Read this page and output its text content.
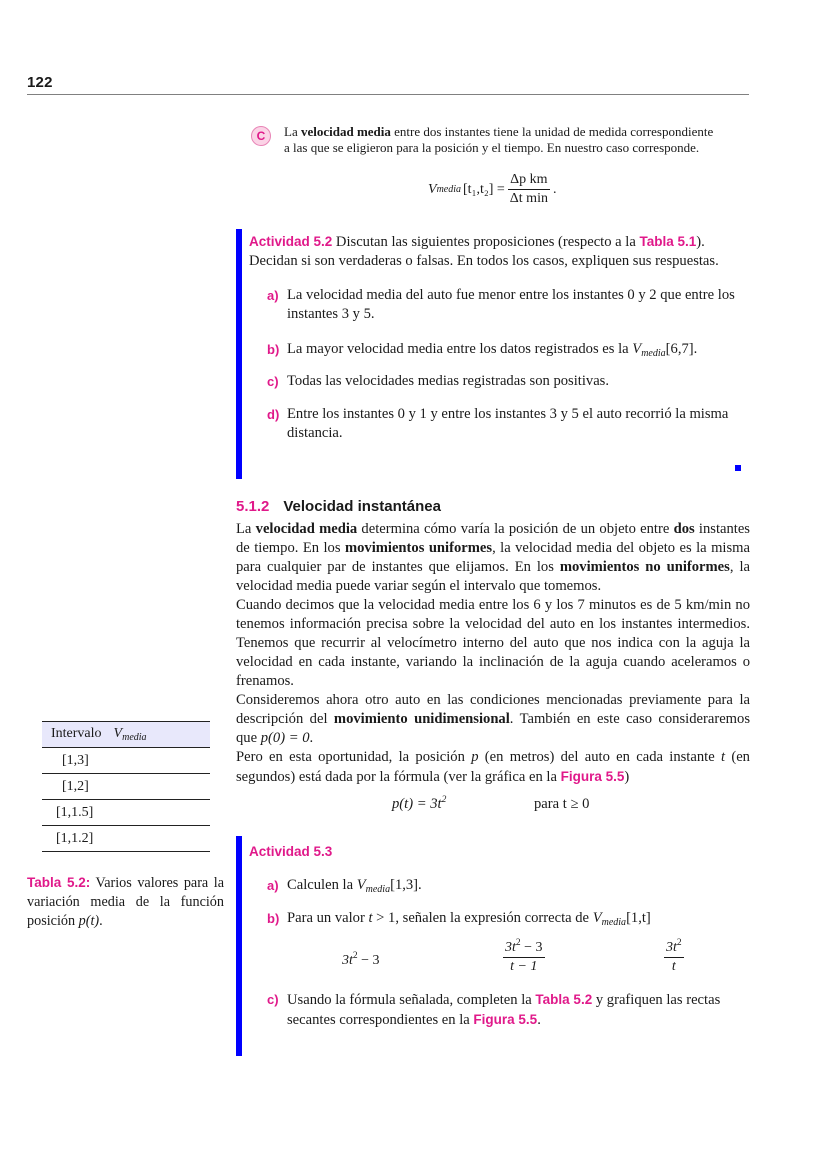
122
C	La velocidad media entre dos instantes tiene la unidad de medida correspondiente
a las que se eligieron para la posición y el tiempo. En nuestro caso corresponde.
V media $[t_1,t_2] = \frac{\text{Δp km}}{\text{Δt min}}$ .
Actividad 5.2 Discutan las siguientes proposiciones (respecto a la Tabla 5.1).
Decidan si son verdaderas o falsas. En todos los casos, expliquen sus respuestas.
a) La velocidad media del auto fue menor entre los instantes 0 y 2 que entre los instantes 3 y 5.
b) La mayor velocidad media entre los datos registrados es la $V_{media}[6,7]$.
c) Todas las velocidades medias registradas son positivas.
d) Entre los instantes 0 y 1 y entre los instantes 3 y 5 el auto recorrió la misma distancia.
5.1.2 Velocidad instantánea
La velocidad media determina cómo varía la posición de un objeto entre dos instantes de tiempo. En los movimientos uniformes, la velocidad media del objeto es la misma para cualquier par de instantes que elijamos. En los movimientos no uniformes, la velocidad media puede variar según el intervalo que tomemos.
Cuando decimos que la velocidad media entre los 6 y los 7 minutos es de 5 km/min no tenemos información precisa sobre la velocidad del auto en los instantes intermedios. Tenemos que recurrir al velocímetro interno del auto que nos indica con la aguja la velocidad en cada instante, variando la inclinación de la aguja cuando aceleramos o frenamos.
Consideremos ahora otro auto en las condiciones mencionadas previamente para la descripción del movimiento unidimensional. También en este caso consideraremos que p(0) = 0.
Pero en esta oportunidad, la posición p (en metros) del auto en cada instante t (en segundos) está dada por la fórmula (ver la gráfica en la Figura 5.5)
$p(t) = 3t^2$	para t ≥ 0
Intervalo $V_{media}$
[1,3]
[1,2]
[1,1.5]
[1,1.2]
Tabla 5.2: Varios valores para la variación media de la función posición p(t).
Actividad 5.3
a) Calculen la $V_{media}[1,3]$.
b) Para un valor t > 1, señalen la expresión correcta de $V_{media}[1,t]$
$3t^2 - 3$	$\frac{3t^2 - 3}{t - 1}$	$\frac{3t^2}{t}$
c) Usando la fórmula señalada, completen la Tabla 5.2 y grafiquen las rectas secantes correspondientes en la Figura 5.5.
